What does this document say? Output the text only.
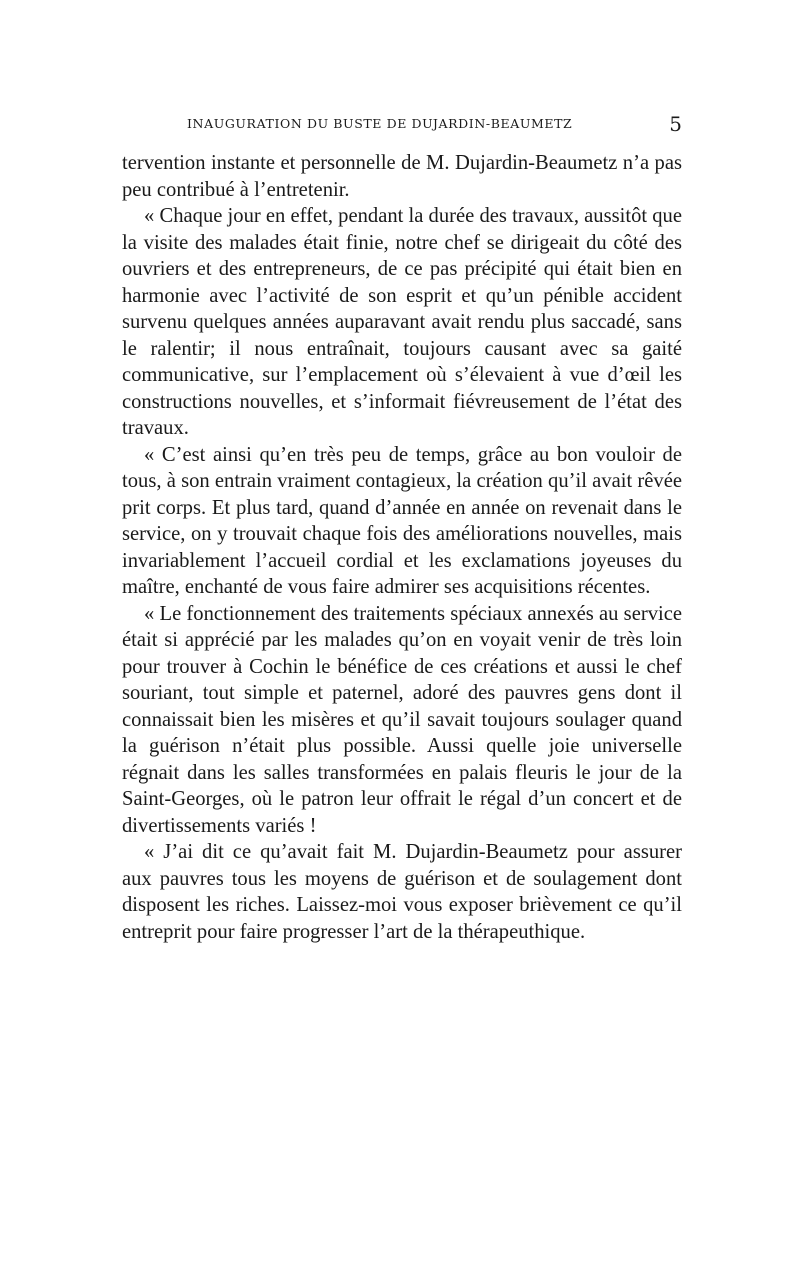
INAUGURATION DU BUSTE DE DUJARDIN-BEAUMETZ	5

tervention instante et personnelle de M. Dujardin-Beaumetz n’a pas peu contribué à l’entretenir.

« Chaque jour en effet, pendant la durée des travaux, aussitôt que la visite des malades était finie, notre chef se dirigeait du côté des ouvriers et des entrepreneurs, de ce pas précipité qui était bien en harmonie avec l’activité de son esprit et qu’un pénible accident survenu quelques années auparavant avait rendu plus saccadé, sans le ralentir; il nous entraînait, toujours causant avec sa gaité communicative, sur l’emplacement où s’élevaient à vue d’œil les constructions nouvelles, et s’informait fiévreusement de l’état des travaux.

« C’est ainsi qu’en très peu de temps, grâce au bon vouloir de tous, à son entrain vraiment contagieux, la création qu’il avait rêvée prit corps. Et plus tard, quand d’année en année on revenait dans le service, on y trouvait chaque fois des améliorations nouvelles, mais invariablement l’accueil cordial et les exclamations joyeuses du maître, enchanté de vous faire admirer ses acquisitions récentes.

« Le fonctionnement des traitements spéciaux annexés au service était si apprécié par les malades qu’on en voyait venir de très loin pour trouver à Cochin le bénéfice de ces créations et aussi le chef souriant, tout simple et paternel, adoré des pauvres gens dont il connaissait bien les misères et qu’il savait toujours soulager quand la guérison n’était plus possible. Aussi quelle joie universelle régnait dans les salles transformées en palais fleuris le jour de la Saint-Georges, où le patron leur offrait le régal d’un concert et de divertissements variés !

« J’ai dit ce qu’avait fait M. Dujardin-Beaumetz pour assurer aux pauvres tous les moyens de guérison et de soulagement dont disposent les riches. Laissez-moi vous exposer brièvement ce qu’il entreprit pour faire progresser l’art de la thérapeuthique.
